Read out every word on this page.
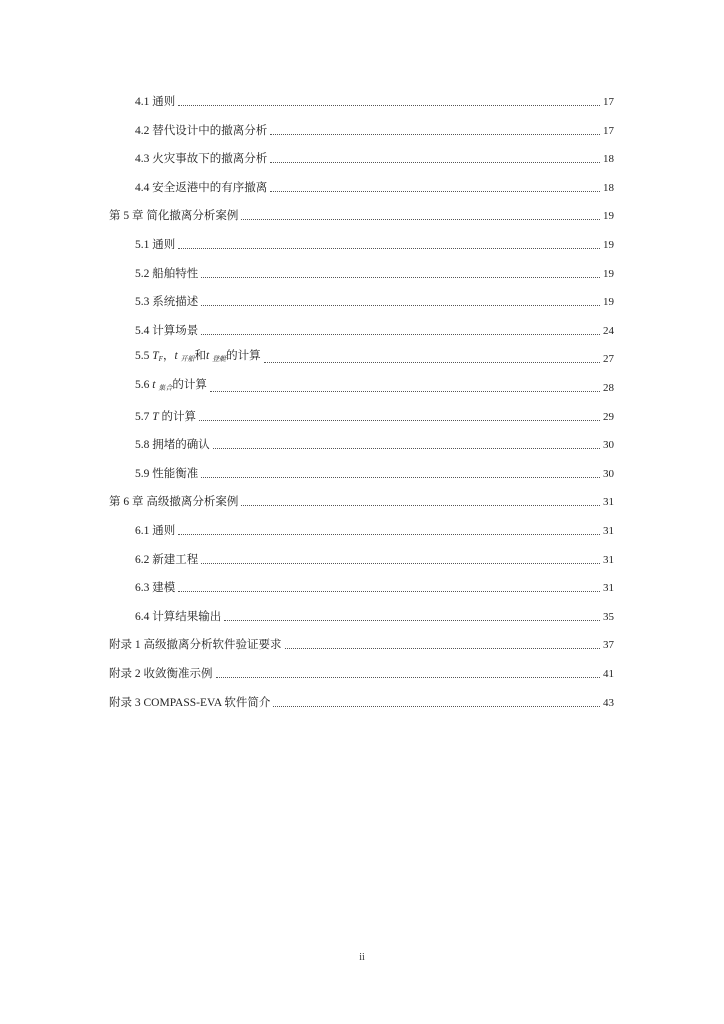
4.1 通则	17
4.2 替代设计中的撤离分析	17
4.3 火灾事故下的撤离分析	18
4.4 安全返港中的有序撤离	18
第 5 章 简化撤离分析案例	19
5.1 通则	19
5.2 船舶特性	19
5.3 系统描述	19
5.4 计算场景	24
5.5 $T_F$，t $_{开船}$和t $_{登艇}$的计算	27
5.6 t $_{集合}$的计算	28
5.7 T 的计算	29
5.8 拥堵的确认	30
5.9 性能衡准	30
第 6 章 高级撤离分析案例	31
6.1 通则	31
6.2 新建工程	31
6.3 建模	31
6.4 计算结果输出	35
附录 1 高级撤离分析软件验证要求	37
附录 2 收敛衡准示例	41
附录 3 COMPASS-EVA 软件简介	43
ii
